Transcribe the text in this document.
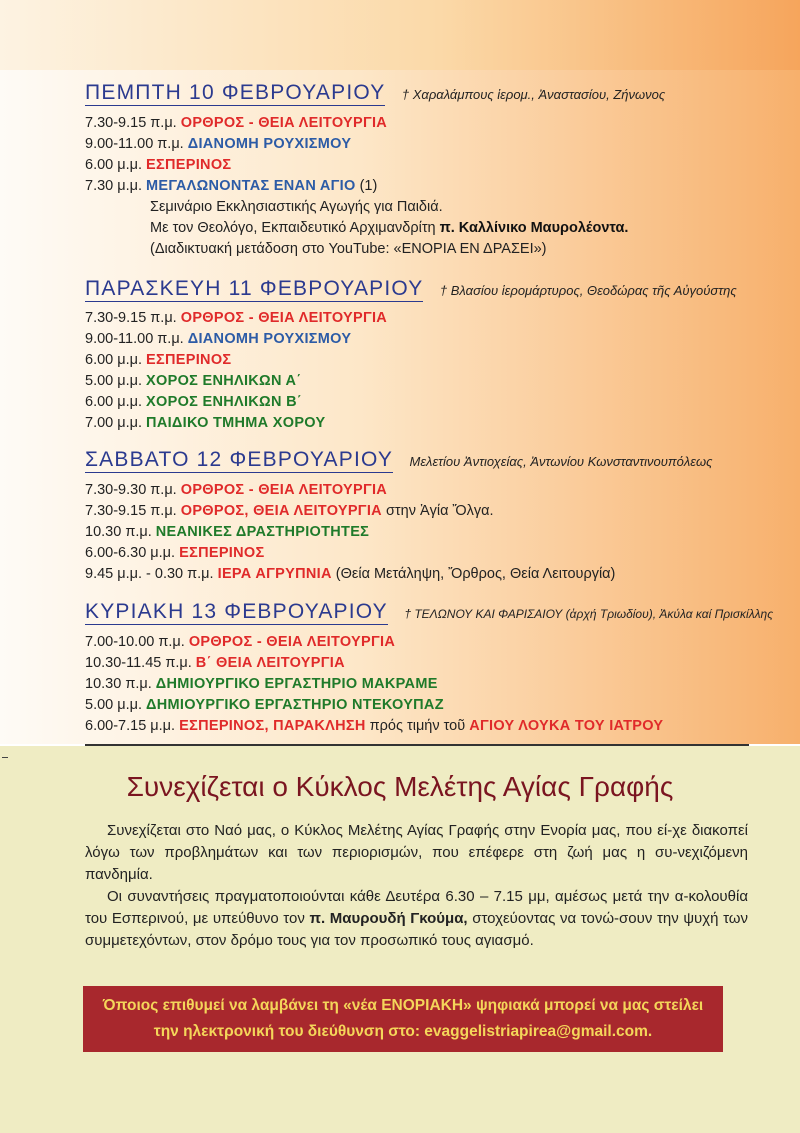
ΠΕΜΠΤΗ 10 ΦΕΒΡΟΥΑΡΙΟΥ † Χαραλάμπους ἱερομ., Ἀναστασίου, Ζήνωνος
7.30-9.15 π.μ. ΟΡΘΡΟΣ - ΘΕΙΑ ΛΕΙΤΟΥΡΓΙΑ
9.00-11.00 π.μ. ΔΙΑΝΟΜΗ ΡΟΥΧΙΣΜΟΥ
6.00 μ.μ. ΕΣΠΕΡΙΝΟΣ
7.30 μ.μ. ΜΕΓΑΛΩΝΟΝΤΑΣ ΕΝΑΝ ΑΓΙΟ (1)
Σεμινάριο Εκκλησιαστικής Αγωγής για Παιδιά.
Με τον Θεολόγο, Εκπαιδευτικό Αρχιμανδρίτη π. Καλλίνικο Μαυρολέοντα.
(Διαδικτυακή μετάδοση στο YouTube: «ΕΝΟΡΙΑ ΕΝ ΔΡΑΣΕΙ»)
ΠΑΡΑΣΚΕΥΗ 11 ΦΕΒΡΟΥΑΡΙΟΥ † Βλασίου ἱερομάρτυρος, Θεοδώρας τῆς Αὐγούστης
7.30-9.15 π.μ. ΟΡΘΡΟΣ - ΘΕΙΑ ΛΕΙΤΟΥΡΓΙΑ
9.00-11.00 π.μ. ΔΙΑΝΟΜΗ ΡΟΥΧΙΣΜΟΥ
6.00 μ.μ. ΕΣΠΕΡΙΝΟΣ
5.00 μ.μ. ΧΟΡΟΣ ΕΝΗΛΙΚΩΝ Α΄
6.00 μ.μ. ΧΟΡΟΣ ΕΝΗΛΙΚΩΝ Β΄
7.00 μ.μ. ΠΑΙΔΙΚΟ ΤΜΗΜΑ ΧΟΡΟΥ
ΣΑΒΒΑΤΟ 12 ΦΕΒΡΟΥΑΡΙΟΥ Μελετίου Ἀντιοχείας, Ἀντωνίου Κωνσταντινουπόλεως
7.30-9.30 π.μ. ΟΡΘΡΟΣ - ΘΕΙΑ ΛΕΙΤΟΥΡΓΙΑ
7.30-9.15 π.μ. ΟΡΘΡΟΣ, ΘΕΙΑ ΛΕΙΤΟΥΡΓΙΑ στην Ἁγία Ὄλγα.
10.30 π.μ. ΝΕΑΝΙΚΕΣ ΔΡΑΣΤΗΡΙΟΤΗΤΕΣ
6.00-6.30 μ.μ. ΕΣΠΕΡΙΝΟΣ
9.45 μ.μ. - 0.30 π.μ. ΙΕΡΑ ΑΓΡΥΠΝΙΑ (Θεία Μετάληψη, Ὄρθρος, Θεία Λειτουργία)
ΚΥΡΙΑΚΗ 13 ΦΕΒΡΟΥΑΡΙΟΥ † ΤΕΛΩΝΟΥ ΚΑΙ ΦΑΡΙΣΑΙΟΥ (ἀρχή Τριωδίου), Ἀκύλα καί Πρισκίλλης
7.00-10.00 π.μ. ΟΡΘΡΟΣ - ΘΕΙΑ ΛΕΙΤΟΥΡΓΙΑ
10.30-11.45 π.μ. Β΄ ΘΕΙΑ ΛΕΙΤΟΥΡΓΙΑ
10.30 π.μ. ΔΗΜΙΟΥΡΓΙΚΟ ΕΡΓΑΣΤΗΡΙΟ ΜΑΚΡΑΜΕ
5.00 μ.μ. ΔΗΜΙΟΥΡΓΙΚΟ ΕΡΓΑΣΤΗΡΙΟ ΝΤΕΚΟΥΠΑΖ
6.00-7.15 μ.μ. ΕΣΠΕΡΙΝΟΣ, ΠΑΡΑΚΛΗΣΗ πρός τιμήν τοῦ ΑΓΙΟΥ ΛΟΥΚΑ ΤΟΥ ΙΑΤΡΟΥ
Συνεχίζεται ο Κύκλος Μελέτης Αγίας Γραφής

Συνεχίζεται στο Ναό μας, ο Κύκλος Μελέτης Αγίας Γραφής στην Ενορία μας, που εί-χε διακοπεί λόγω των προβλημάτων και των περιορισμών, που επέφερε στη ζωή μας η συ-νεχιζόμενη πανδημία.

Οι συναντήσεις πραγματοποιούνται κάθε Δευτέρα 6.30 – 7.15 μμ, αμέσως μετά την α-κολουθία του Εσπερινού, με υπεύθυνο τον π. Μαυρουδή Γκούμα, στοχεύοντας να τονώ-σουν την ψυχή των συμμετεχόντων, στον δρόμο τους για τον προσωπικό τους αγιασμό.

Όποιος επιθυμεί να λαμβάνει τη «νέα ΕΝΟΡΙΑΚΗ» ψηφιακά μπορεί να μας στείλει
την ηλεκτρονική του διεύθυνση στο: evaggelistriapirea@gmail.com.
